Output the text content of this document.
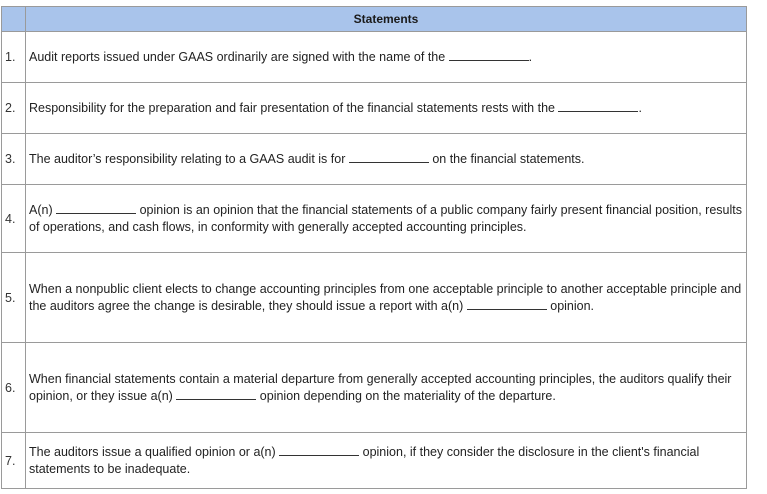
	Statements
1.	Audit reports issued under GAAS ordinarily are signed with the name of the .
2.	Responsibility for the preparation and fair presentation of the financial statements rests with the .
3.	The auditor’s responsibility relating to a GAAS audit is for on the financial statements.
4.	A(n) opinion is an opinion that the financial statements of a public company fairly present financial position, results of operations, and cash flows, in conformity with generally accepted accounting principles.
5.	When a nonpublic client elects to change accounting principles from one acceptable principle to another acceptable principle and the auditors agree the change is desirable, they should issue a report with a(n) opinion.
6.	When financial statements contain a material departure from generally accepted accounting principles, the auditors qualify their opinion, or they issue a(n) opinion depending on the materiality of the departure.
7.	The auditors issue a qualified opinion or a(n) opinion, if they consider the disclosure in the client's financial statements to be inadequate.
